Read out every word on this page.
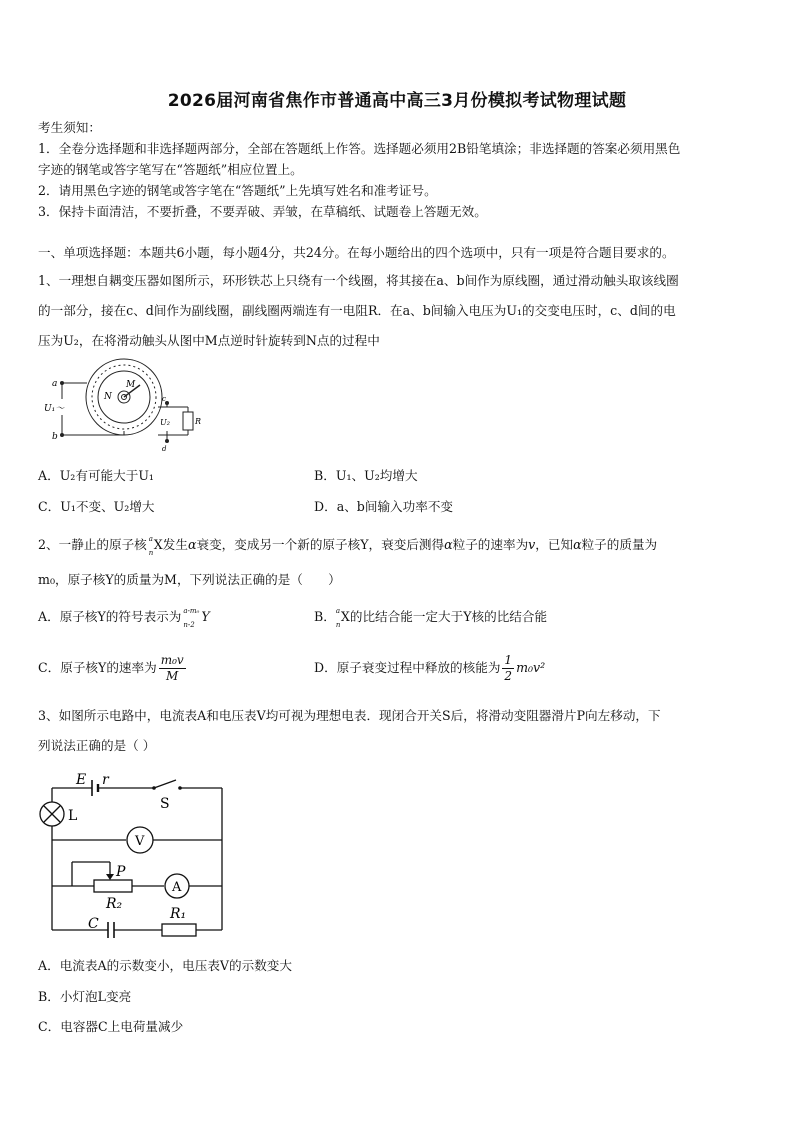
2026届河南省焦作市普通高中高三3月份模拟考试物理试题
考生须知：
1．全卷分选择题和非选择题两部分，全部在答题纸上作答。选择题必须用2B铅笔填涂；非选择题的答案必须用黑色
字迹的钢笔或答字笔写在“答题纸”相应位置上。
2．请用黑色字迹的钢笔或答字笔在“答题纸”上先填写姓名和准考证号。
3．保持卡面清洁，不要折叠，不要弄破、弄皱，在草稿纸、试题卷上答题无效。
一、单项选择题：本题共6小题，每小题4分，共24分。在每小题给出的四个选项中，只有一项是符合题目要求的。
1、一理想自耦变压器如图所示，环形铁芯上只绕有一个线圈，将其接在a、b间作为原线圈，通过滑动触头取该线圈
的一部分，接在c、d间作为副线圈，副线圈两端连有一电阻R．在a、b间输入电压为U₁的交变电压时，c、d间的电
压为U₂，在将滑动触头从图中M点逆时针旋转到N点的过程中
a
b
U₁～
c
d
U₂	R
M
N
A．U₂有可能大于U₁	B．U₁、U₂均增大
C．U₁不变、U₂增大	D．a、b间输入功率不变
2、一静止的原子核 a
n
X发生α衰变，变成另一个新的原子核Y，衰变后测得α粒子的速率为v，已知α粒子的质量为
m₀，原子核Y的质量为M，下列说法正确的是（　　）
A．原子核Y的符号表示为 a-m₀
n-2
Y	B． a
n
X的比结合能一定大于Y核的比结合能
C．原子核Y的速率为 $\frac{\text{m₀v}}{M}$	D．原子衰变过程中释放的核能为 $\frac{1}{2} m_0v^2$
3、如图所示电路中，电流表A和电压表V均可视为理想电表．现闭合开关S后，将滑动变阻器滑片P向左移动，下
列说法正确的是（ ）
E r
S
L
V
P
A
R₂
R₁
C
A．电流表A的示数变小，电压表V的示数变大
B．小灯泡L变亮
C．电容器C上电荷量减少
